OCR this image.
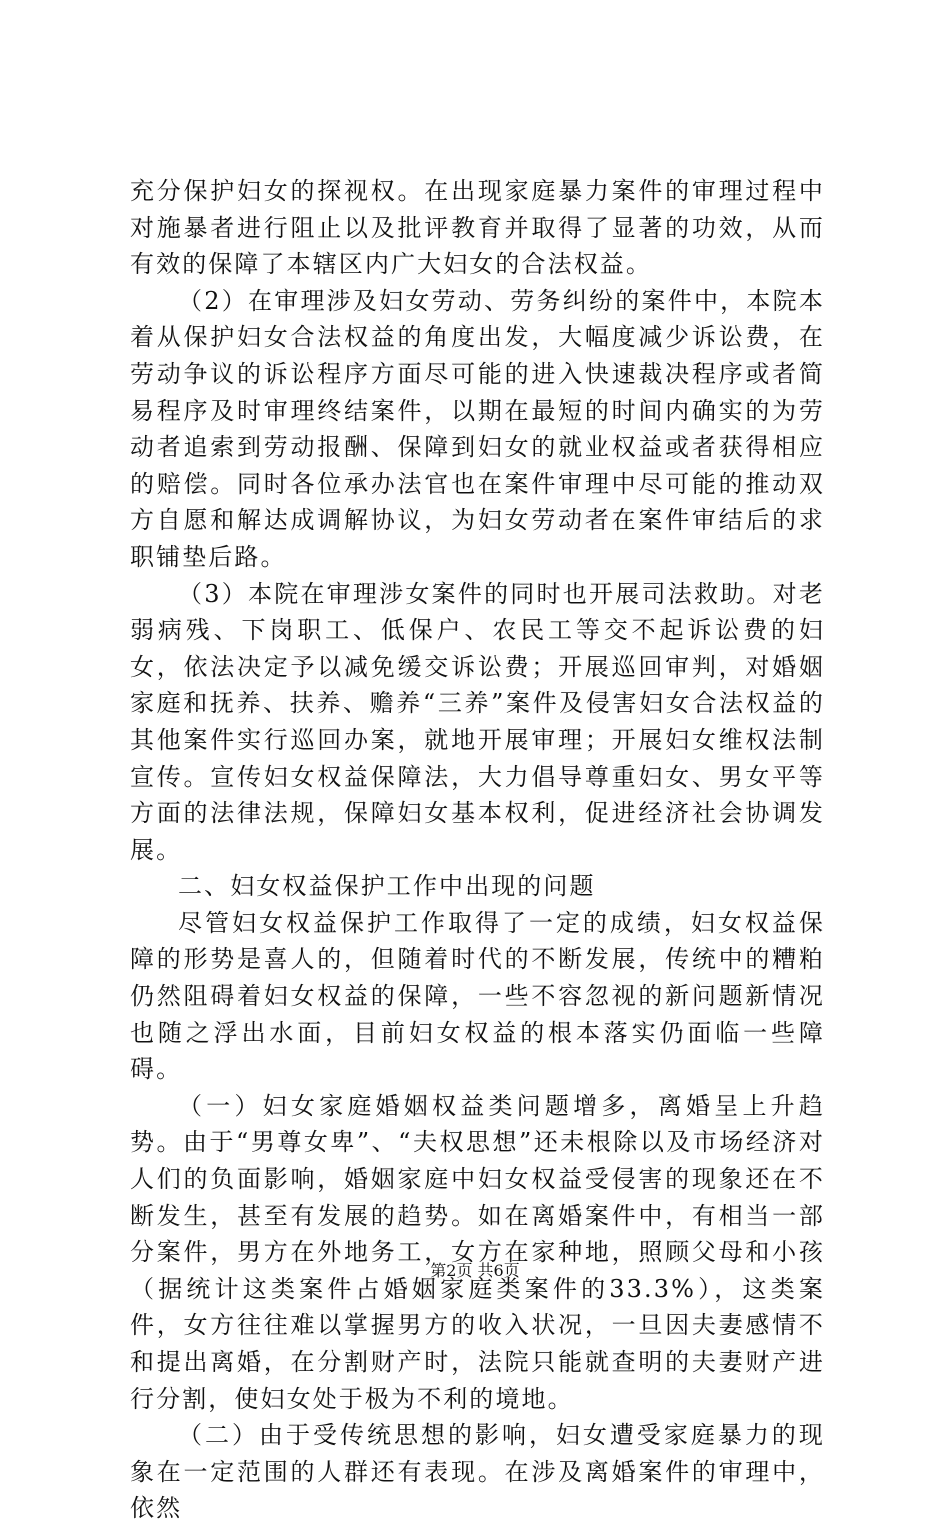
充分保护妇女的探视权。在出现家庭暴力案件的审理过程中对施暴者进行阻止以及批评教育并取得了显著的功效，从而有效的保障了本辖区内广大妇女的合法权益。

（2）在审理涉及妇女劳动、劳务纠纷的案件中，本院本着从保护妇女合法权益的角度出发，大幅度减少诉讼费，在劳动争议的诉讼程序方面尽可能的进入快速裁决程序或者简易程序及时审理终结案件，以期在最短的时间内确实的为劳动者追索到劳动报酬、保障到妇女的就业权益或者获得相应的赔偿。同时各位承办法官也在案件审理中尽可能的推动双方自愿和解达成调解协议，为妇女劳动者在案件审结后的求职铺垫后路。

（3）本院在审理涉女案件的同时也开展司法救助。对老弱病残、下岗职工、低保户、农民工等交不起诉讼费的妇女，依法决定予以减免缓交诉讼费；开展巡回审判，对婚姻家庭和抚养、扶养、赡养“三养”案件及侵害妇女合法权益的其他案件实行巡回办案，就地开展审理；开展妇女维权法制宣传。宣传妇女权益保障法，大力倡导尊重妇女、男女平等方面的法律法规，保障妇女基本权利，促进经济社会协调发展。

二、妇女权益保护工作中出现的问题

尽管妇女权益保护工作取得了一定的成绩，妇女权益保障的形势是喜人的，但随着时代的不断发展，传统中的糟粕仍然阻碍着妇女权益的保障，一些不容忽视的新问题新情况也随之浮出水面，目前妇女权益的根本落实仍面临一些障碍。

（一）妇女家庭婚姻权益类问题增多，离婚呈上升趋势。由于“男尊女卑”、“夫权思想”还未根除以及市场经济对人们的负面影响，婚姻家庭中妇女权益受侵害的现象还在不断发生，甚至有发展的趋势。如在离婚案件中，有相当一部分案件，男方在外地务工，女方在家种地，照顾父母和小孩（据统计这类案件占婚姻家庭类案件的33.3%），这类案件，女方往往难以掌握男方的收入状况，一旦因夫妻感情不和提出离婚，在分割财产时，法院只能就查明的夫妻财产进行分割，使妇女处于极为不利的境地。

（二）由于受传统思想的影响，妇女遭受家庭暴力的现象在一定范围的人群还有表现。在涉及离婚案件的审理中，依然

第2页 共6页
